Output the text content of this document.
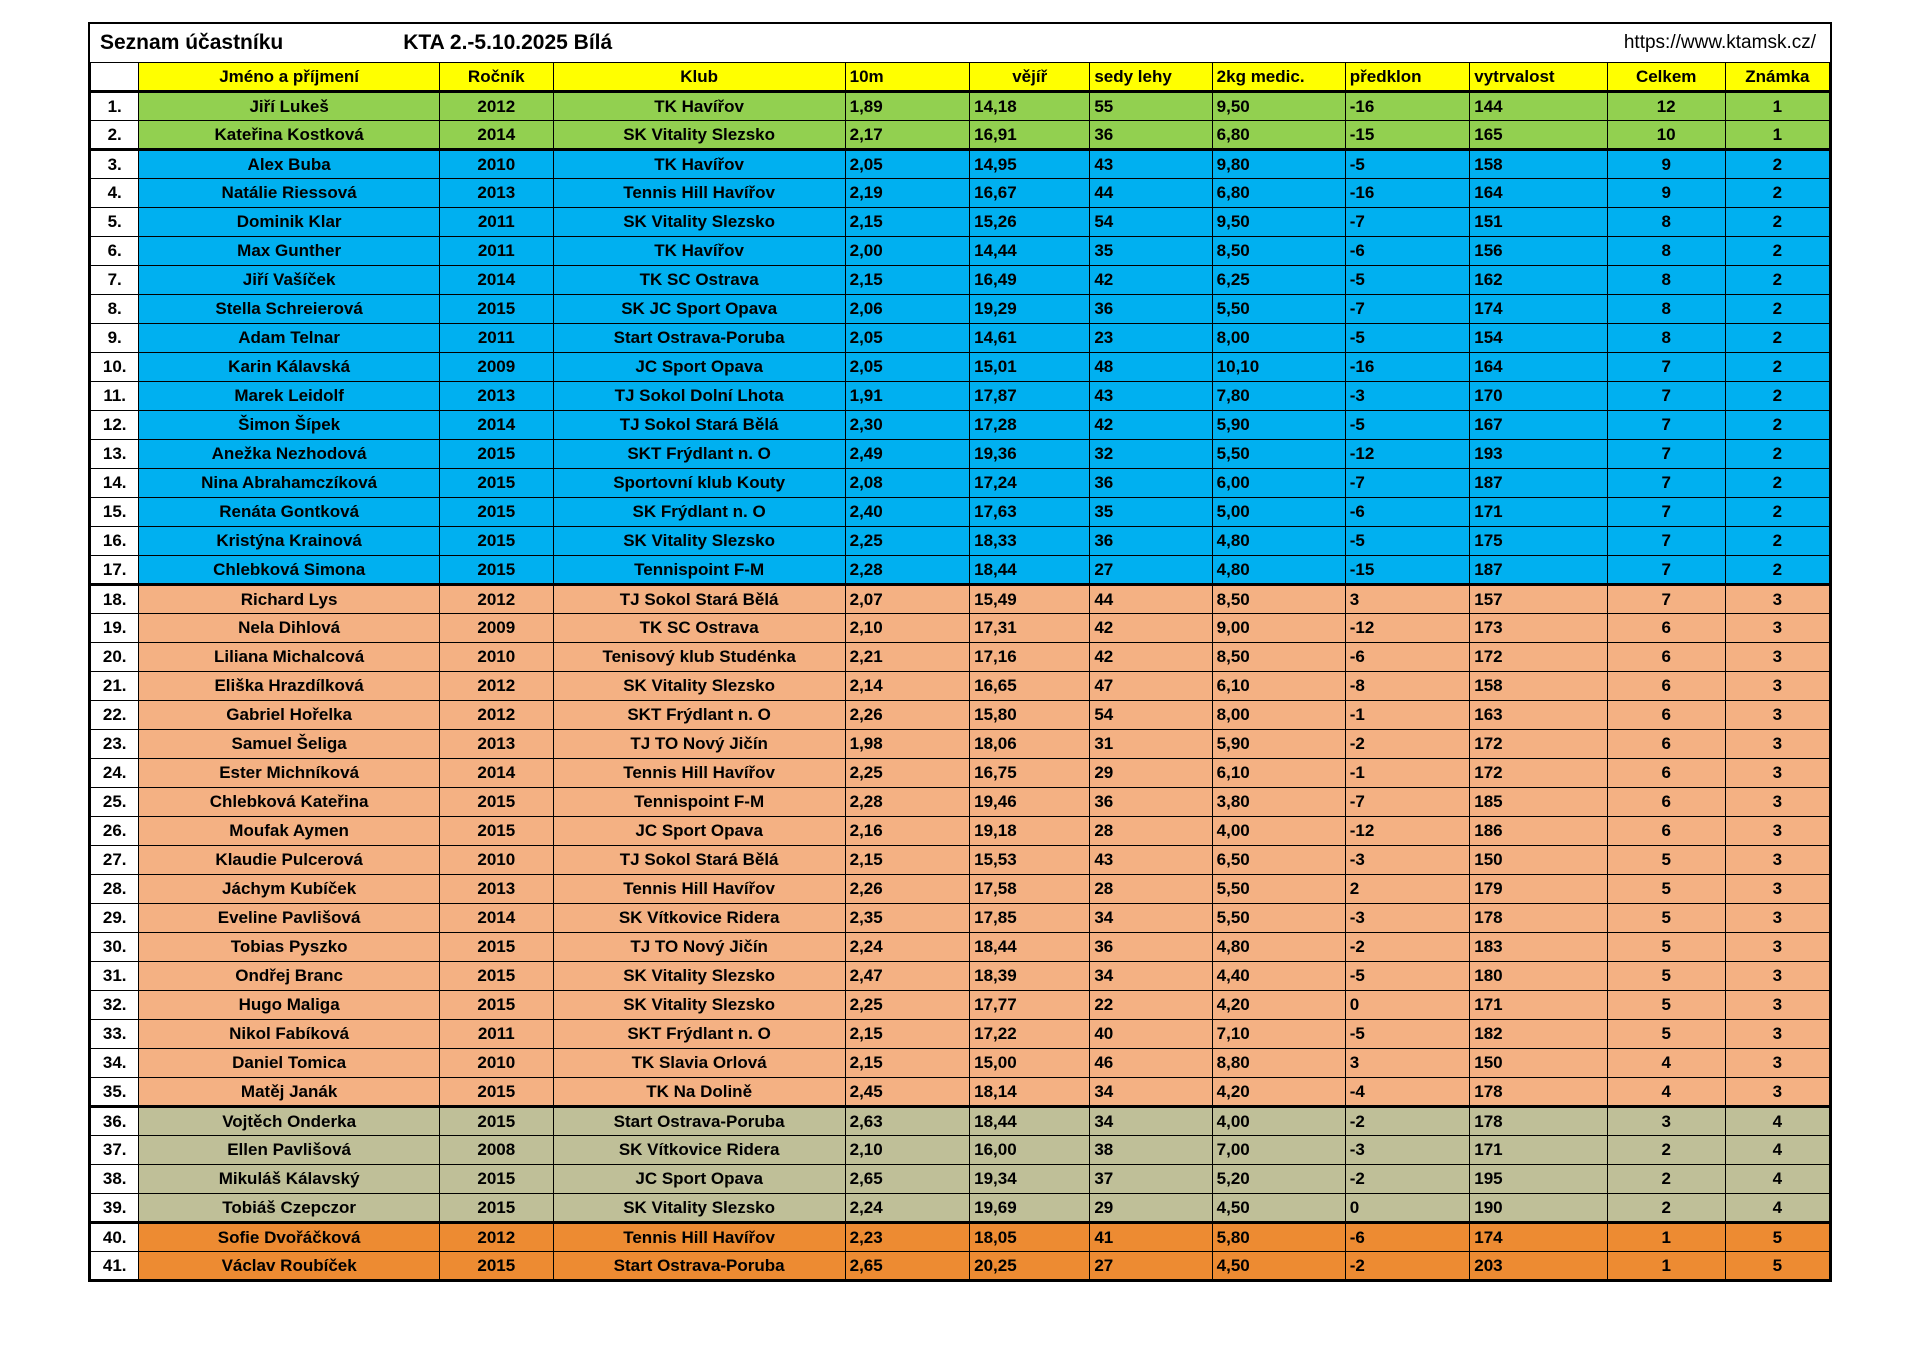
Seznam účastníku	KTA 2.-5.10.2025 Bílá	https://www.ktamsk.cz/
	Jméno a příjmení	Ročník	Klub	10m	vějíř	sedy lehy	2kg medic.	předklon	vytrvalost	Celkem	Známka
1.	Jiří Lukeš	2012	TK Havířov	1,89	14,18	55	9,50	-16	144	12	1
2.	Kateřina Kostková	2014	SK Vitality Slezsko	2,17	16,91	36	6,80	-15	165	10	1
3.	Alex Buba	2010	TK Havířov	2,05	14,95	43	9,80	-5	158	9	2
4.	Natálie Riessová	2013	Tennis Hill Havířov	2,19	16,67	44	6,80	-16	164	9	2
5.	Dominik Klar	2011	SK Vitality Slezsko	2,15	15,26	54	9,50	-7	151	8	2
6.	Max Gunther	2011	TK Havířov	2,00	14,44	35	8,50	-6	156	8	2
7.	Jiří Vašíček	2014	TK SC Ostrava	2,15	16,49	42	6,25	-5	162	8	2
8.	Stella Schreierová	2015	SK JC Sport Opava	2,06	19,29	36	5,50	-7	174	8	2
9.	Adam Telnar	2011	Start Ostrava-Poruba	2,05	14,61	23	8,00	-5	154	8	2
10.	Karin Kálavská	2009	JC Sport Opava	2,05	15,01	48	10,10	-16	164	7	2
11.	Marek Leidolf	2013	TJ Sokol Dolní Lhota	1,91	17,87	43	7,80	-3	170	7	2
12.	Šimon Šípek	2014	TJ Sokol Stará Bělá	2,30	17,28	42	5,90	-5	167	7	2
13.	Anežka Nezhodová	2015	SKT Frýdlant n. O	2,49	19,36	32	5,50	-12	193	7	2
14.	Nina Abrahamczíková	2015	Sportovní klub Kouty	2,08	17,24	36	6,00	-7	187	7	2
15.	Renáta Gontková	2015	SK Frýdlant n. O	2,40	17,63	35	5,00	-6	171	7	2
16.	Kristýna Krainová	2015	SK Vitality Slezsko	2,25	18,33	36	4,80	-5	175	7	2
17.	Chlebková Simona	2015	Tennispoint F-M	2,28	18,44	27	4,80	-15	187	7	2
18.	Richard Lys	2012	TJ Sokol Stará Bělá	2,07	15,49	44	8,50	3	157	7	3
19.	Nela Dihlová	2009	TK SC Ostrava	2,10	17,31	42	9,00	-12	173	6	3
20.	Liliana Michalcová	2010	Tenisový klub Studénka	2,21	17,16	42	8,50	-6	172	6	3
21.	Eliška Hrazdílková	2012	SK Vitality Slezsko	2,14	16,65	47	6,10	-8	158	6	3
22.	Gabriel Hořelka	2012	SKT Frýdlant n. O	2,26	15,80	54	8,00	-1	163	6	3
23.	Samuel Šeliga	2013	TJ TO Nový Jičín	1,98	18,06	31	5,90	-2	172	6	3
24.	Ester Michníková	2014	Tennis Hill Havířov	2,25	16,75	29	6,10	-1	172	6	3
25.	Chlebková Kateřina	2015	Tennispoint F-M	2,28	19,46	36	3,80	-7	185	6	3
26.	Moufak Aymen	2015	JC Sport Opava	2,16	19,18	28	4,00	-12	186	6	3
27.	Klaudie Pulcerová	2010	TJ Sokol Stará Bělá	2,15	15,53	43	6,50	-3	150	5	3
28.	Jáchym Kubíček	2013	Tennis Hill Havířov	2,26	17,58	28	5,50	2	179	5	3
29.	Eveline Pavlišová	2014	SK Vítkovice Ridera	2,35	17,85	34	5,50	-3	178	5	3
30.	Tobias Pyszko	2015	TJ TO Nový Jičín	2,24	18,44	36	4,80	-2	183	5	3
31.	Ondřej Branc	2015	SK Vitality Slezsko	2,47	18,39	34	4,40	-5	180	5	3
32.	Hugo Maliga	2015	SK Vitality Slezsko	2,25	17,77	22	4,20	0	171	5	3
33.	Nikol Fabíková	2011	SKT Frýdlant n. O	2,15	17,22	40	7,10	-5	182	5	3
34.	Daniel Tomica	2010	TK Slavia Orlová	2,15	15,00	46	8,80	3	150	4	3
35.	Matěj Janák	2015	TK Na Dolině	2,45	18,14	34	4,20	-4	178	4	3
36.	Vojtěch Onderka	2015	Start Ostrava-Poruba	2,63	18,44	34	4,00	-2	178	3	4
37.	Ellen Pavlišová	2008	SK Vítkovice Ridera	2,10	16,00	38	7,00	-3	171	2	4
38.	Mikuláš Kálavský	2015	JC Sport Opava	2,65	19,34	37	5,20	-2	195	2	4
39.	Tobiáš Czepczor	2015	SK Vitality Slezsko	2,24	19,69	29	4,50	0	190	2	4
40.	Sofie Dvořáčková	2012	Tennis Hill Havířov	2,23	18,05	41	5,80	-6	174	1	5
41.	Václav Roubíček	2015	Start Ostrava-Poruba	2,65	20,25	27	4,50	-2	203	1	5
